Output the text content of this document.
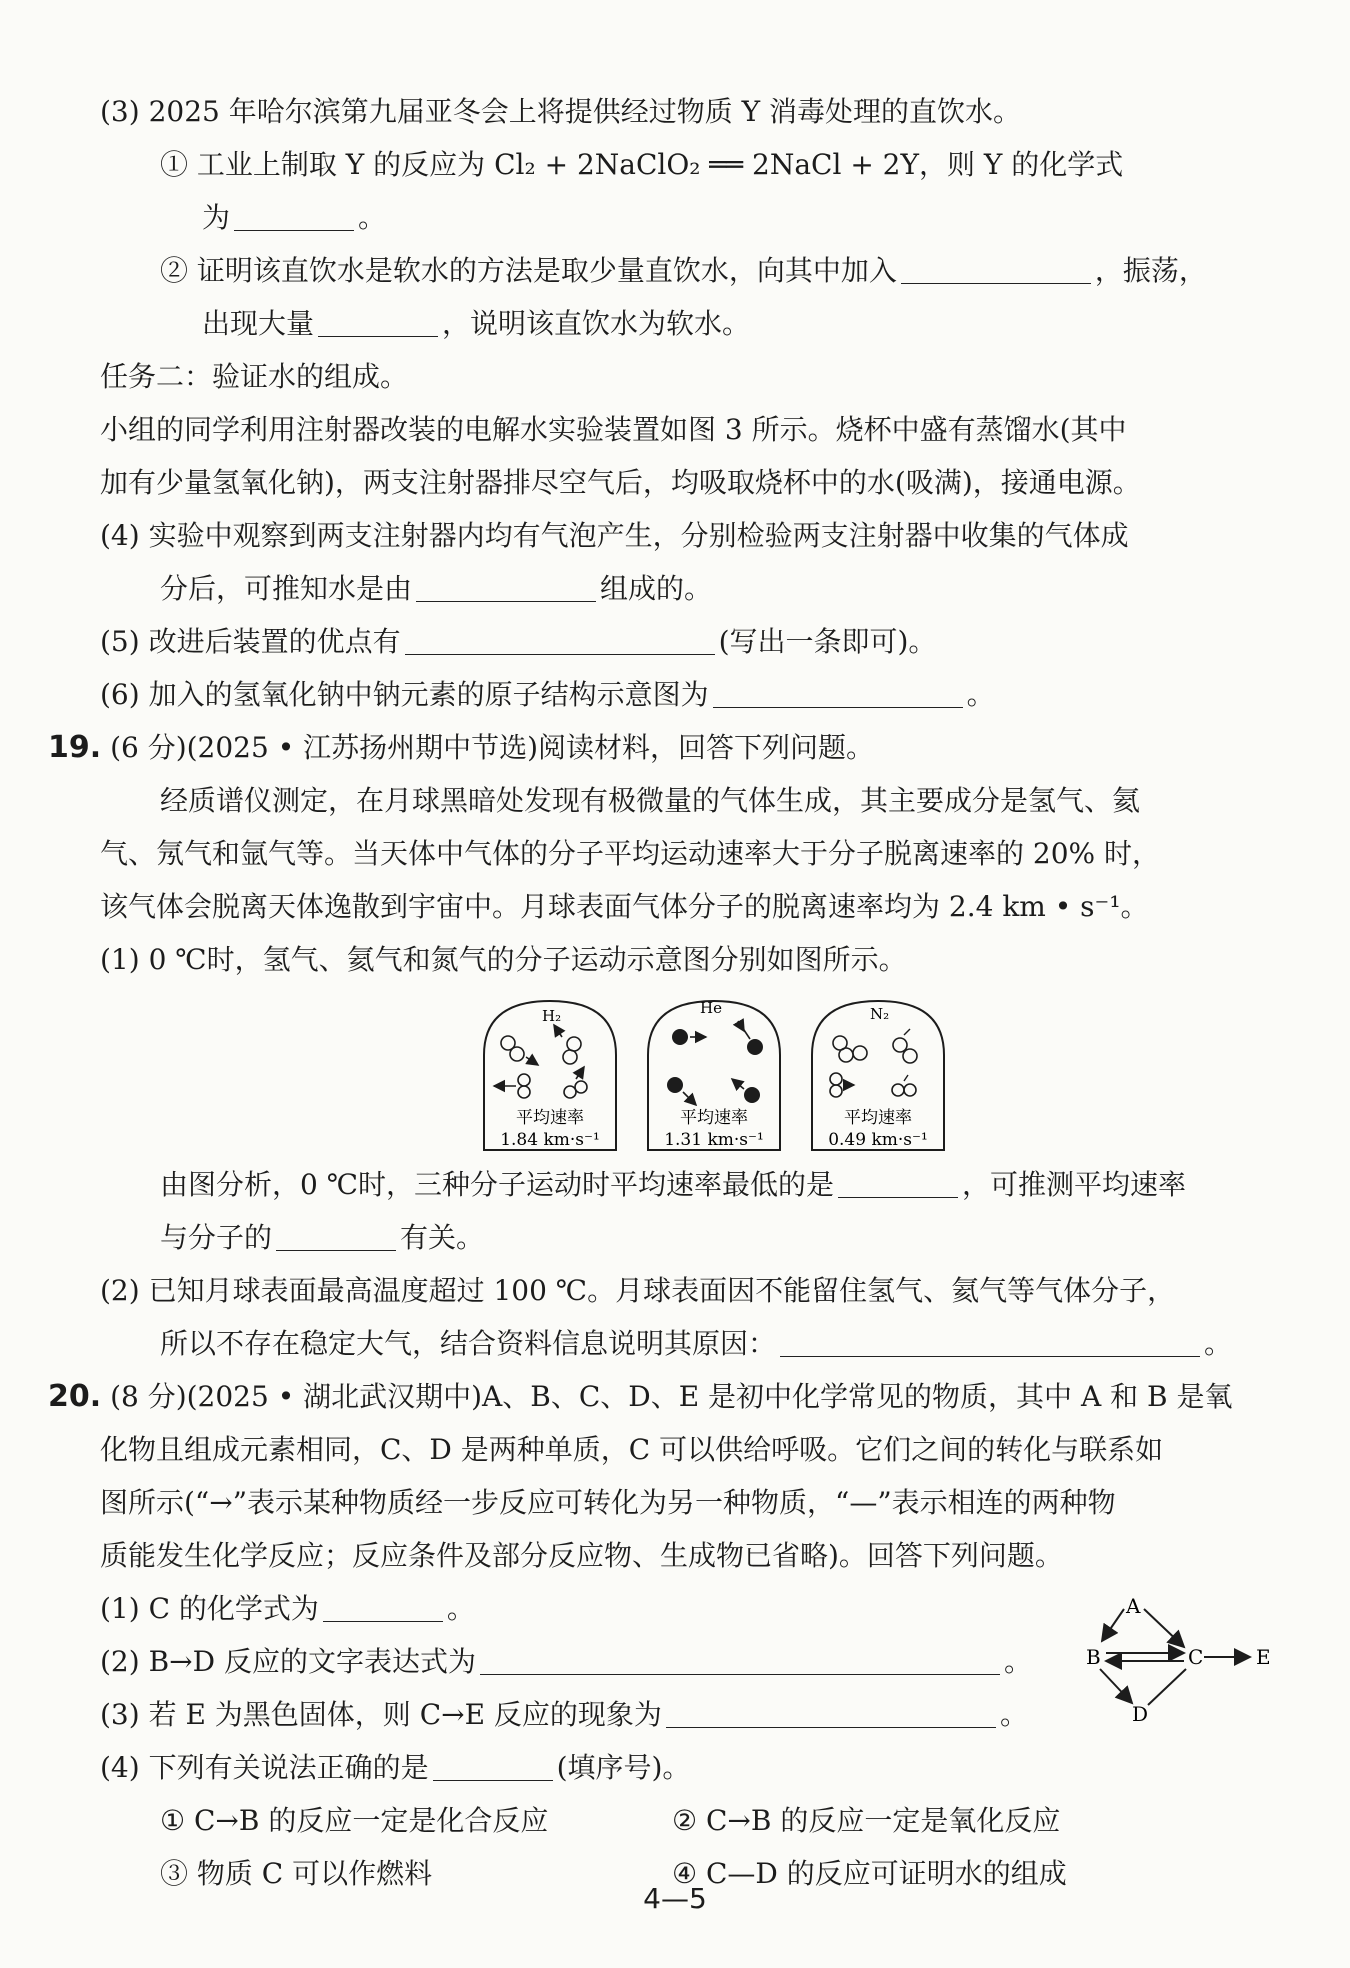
(3) 2025 年哈尔滨第九届亚冬会上将提供经过物质 Y 消毒处理的直饮水。
① 工业上制取 Y 的反应为 Cl₂ + 2NaClO₂ ══ 2NaCl + 2Y，则 Y 的化学式
为	。
② 证明该直饮水是软水的方法是取少量直饮水，向其中加入	，振荡，
出现大量	，说明该直饮水为软水。
任务二：验证水的组成。
小组的同学利用注射器改装的电解水实验装置如图 3 所示。烧杯中盛有蒸馏水(其中
加有少量氢氧化钠)，两支注射器排尽空气后，均吸取烧杯中的水(吸满)，接通电源。
(4) 实验中观察到两支注射器内均有气泡产生，分别检验两支注射器中收集的气体成
分后，可推知水是由	组成的。
(5) 改进后装置的优点有	(写出一条即可)。
(6) 加入的氢氧化钠中钠元素的原子结构示意图为	。
19. (6 分)(2025 • 江苏扬州期中节选)阅读材料，回答下列问题。
经质谱仪测定，在月球黑暗处发现有极微量的气体生成，其主要成分是氢气、氦
气、氖气和氩气等。当天体中气体的分子平均运动速率大于分子脱离速率的 20% 时，
该气体会脱离天体逸散到宇宙中。月球表面气体分子的脱离速率均为 2.4 km • s⁻¹。
(1) 0 ℃时，氢气、氦气和氮气的分子运动示意图分别如图所示。
H₂
平均速率
1.84 km·s⁻¹
He
平均速率
1.31 km·s⁻¹
N₂
平均速率
0.49 km·s⁻¹
由图分析，0 ℃时，三种分子运动时平均速率最低的是	，可推测平均速率
与分子的	有关。
(2) 已知月球表面最高温度超过 100 ℃。月球表面因不能留住氢气、氦气等气体分子，
所以不存在稳定大气，结合资料信息说明其原因：	。
20. (8 分)(2025 • 湖北武汉期中)A、B、C、D、E 是初中化学常见的物质，其中 A 和 B 是氧
化物且组成元素相同，C、D 是两种单质，C 可以供给呼吸。它们之间的转化与联系如
图所示(“→”表示某种物质经一步反应可转化为另一种物质，“—”表示相连的两种物
质能发生化学反应；反应条件及部分反应物、生成物已省略)。回答下列问题。
(1) C 的化学式为	。
(2) B→D 反应的文字表达式为	。
(3) 若 E 为黑色固体，则 C→E 反应的现象为	。
(4) 下列有关说法正确的是	(填序号)。
① C→B 的反应一定是化合反应	② C→B 的反应一定是氧化反应
③ 物质 C 可以作燃料	④ C—D 的反应可证明水的组成
A
B	C
D
E
4—5
